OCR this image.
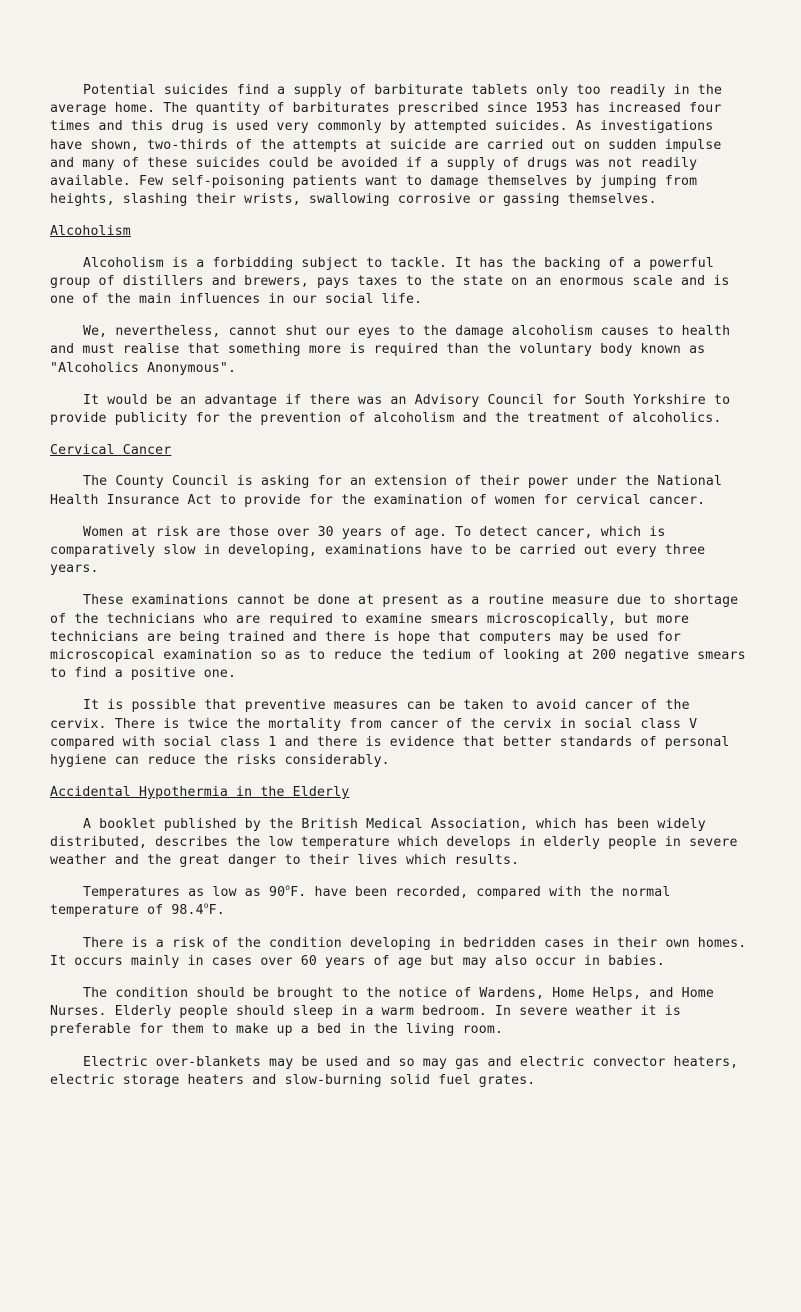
Potential suicides find a supply of barbiturate tablets only too readily in the average home. The quantity of barbiturates prescribed since 1953 has increased four times and this drug is used very commonly by attempted suicides. As investigations have shown, two-thirds of the attempts at suicide are carried out on sudden impulse and many of these suicides could be avoided if a supply of drugs was not readily available. Few self-poisoning patients want to damage themselves by jumping from heights, slashing their wrists, swallowing corrosive or gassing themselves.

Alcoholism

Alcoholism is a forbidding subject to tackle. It has the backing of a powerful group of distillers and brewers, pays taxes to the state on an enormous scale and is one of the main influences in our social life.

We, nevertheless, cannot shut our eyes to the damage alcoholism causes to health and must realise that something more is required than the voluntary body known as "Alcoholics Anonymous".

It would be an advantage if there was an Advisory Council for South Yorkshire to provide publicity for the prevention of alcoholism and the treatment of alcoholics.

Cervical Cancer

The County Council is asking for an extension of their power under the National Health Insurance Act to provide for the examination of women for cervical cancer.

Women at risk are those over 30 years of age. To detect cancer, which is comparatively slow in developing, examinations have to be carried out every three years.

These examinations cannot be done at present as a routine measure due to shortage of the technicians who are required to examine smears microscopically, but more technicians are being trained and there is hope that computers may be used for microscopical examination so as to reduce the tedium of looking at 200 negative smears to find a positive one.

It is possible that preventive measures can be taken to avoid cancer of the cervix. There is twice the mortality from cancer of the cervix in social class V compared with social class 1 and there is evidence that better standards of personal hygiene can reduce the risks considerably.

Accidental Hypothermia in the Elderly

A booklet published by the British Medical Association, which has been widely distributed, describes the low temperature which develops in elderly people in severe weather and the great danger to their lives which results.

Temperatures as low as 90$^o$F. have been recorded, compared with the normal temperature of 98.4$^o$F.

There is a risk of the condition developing in bedridden cases in their own homes. It occurs mainly in cases over 60 years of age but may also occur in babies.

The condition should be brought to the notice of Wardens, Home Helps, and Home Nurses. Elderly people should sleep in a warm bedroom. In severe weather it is preferable for them to make up a bed in the living room.

Electric over-blankets may be used and so may gas and electric convector heaters, electric storage heaters and slow-burning solid fuel grates.
